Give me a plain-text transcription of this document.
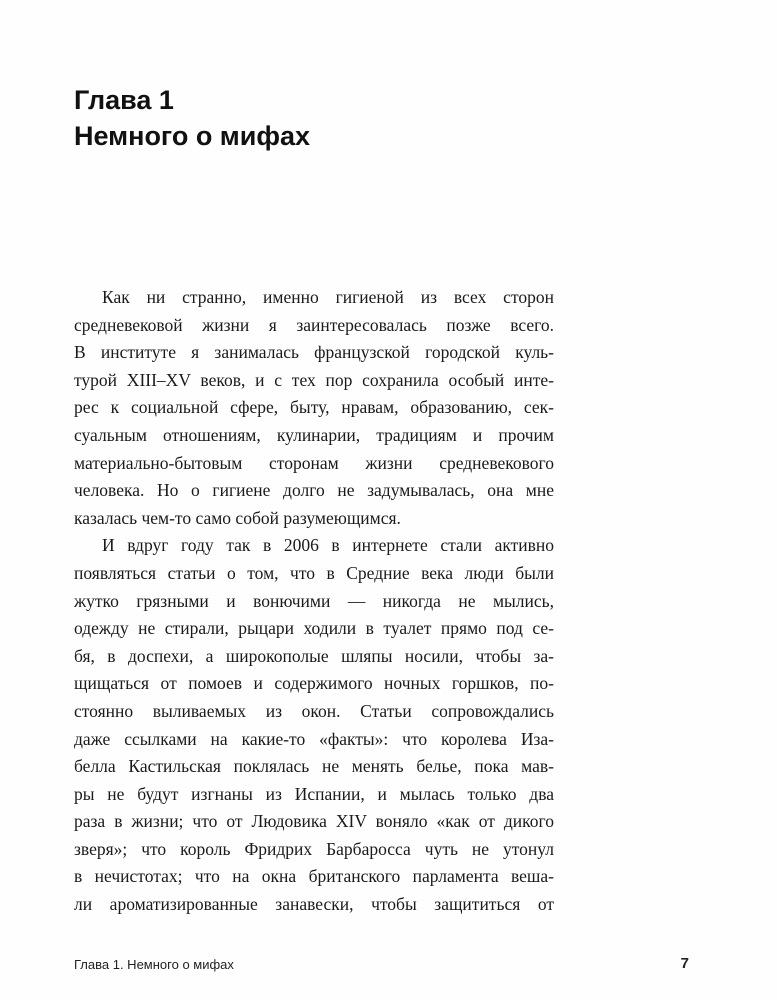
Глава 1
Немного о мифах
Как ни странно, именно гигиеной из всех сторон
средневековой жизни я заинтересовалась позже всего.
В институте я занималась французской городской куль-
турой XIII–XV веков, и с тех пор сохранила особый инте-
рес к социальной сфере, быту, нравам, образованию, сек-
суальным отношениям, кулинарии, традициям и прочим
материально-бытовым сторонам жизни средневекового
человека. Но о гигиене долго не задумывалась, она мне
казалась чем-то само собой разумеющимся.
И вдруг году так в 2006 в интернете стали активно
появляться статьи о том, что в Средние века люди были
жутко грязными и вонючими — никогда не мылись,
одежду не стирали, рыцари ходили в туалет прямо под се-
бя, в доспехи, а широкополые шляпы носили, чтобы за-
щищаться от помоев и содержимого ночных горшков, по-
стоянно выливаемых из окон. Статьи сопровождались
даже ссылками на какие-то «факты»: что королева Иза-
белла Кастильская поклялась не менять белье, пока мав-
ры не будут изгнаны из Испании, и мылась только два
раза в жизни; что от Людовика XIV воняло «как от дикого
зверя»; что король Фридрих Барбаросса чуть не утонул
в нечистотах; что на окна британского парламента веша-
ли ароматизированные занавески, чтобы защититься от
Глава 1. Немного о мифах	7
